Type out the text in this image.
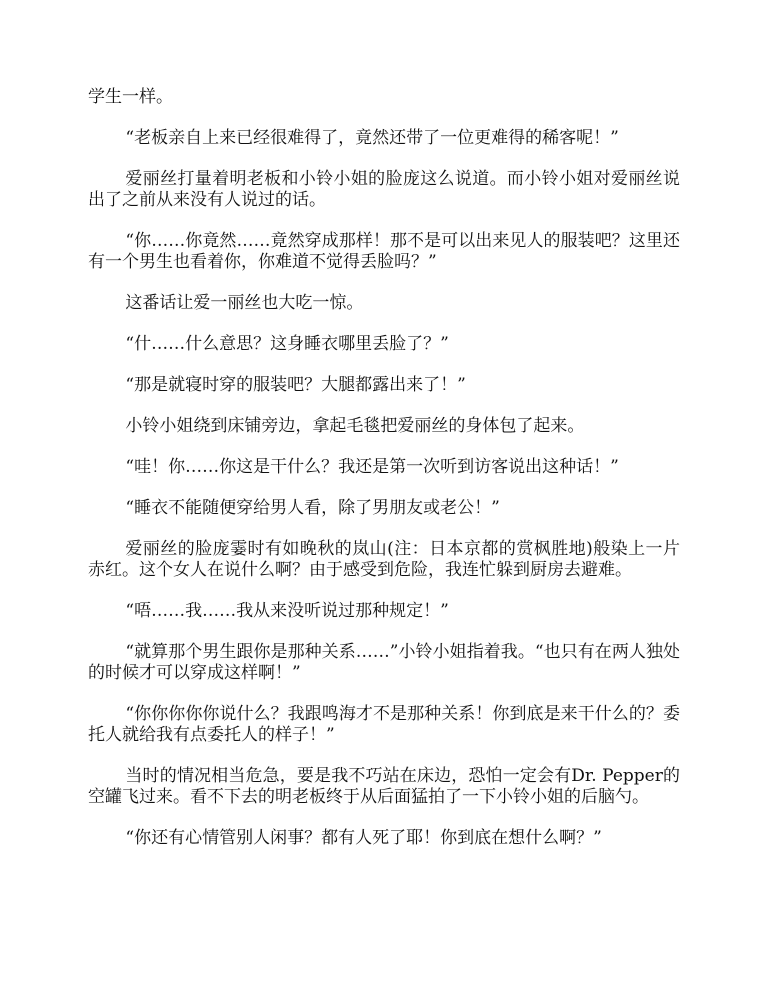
学生一样。

“老板亲自上来已经很难得了，竟然还带了一位更难得的稀客呢！”

爱丽丝打量着明老板和小铃小姐的脸庞这么说道。而小铃小姐对爱丽丝说出了之前从来没有人说过的话。

“你……你竟然……竟然穿成那样！那不是可以出来见人的服装吧？这里还有一个男生也看着你，你难道不觉得丢脸吗？”

这番话让爱一丽丝也大吃一惊。

“什……什么意思？这身睡衣哪里丢脸了？”

“那是就寝时穿的服装吧？大腿都露出来了！”

小铃小姐绕到床铺旁边，拿起毛毯把爱丽丝的身体包了起来。

“哇！你……你这是干什么？我还是第一次听到访客说出这种话！”

“睡衣不能随便穿给男人看，除了男朋友或老公！”

爱丽丝的脸庞霎时有如晚秋的岚山(注：日本京都的赏枫胜地)般染上一片赤红。这个女人在说什么啊？由于感受到危险，我连忙躲到厨房去避难。

“唔……我……我从来没听说过那种规定！”

“就算那个男生跟你是那种关系……”小铃小姐指着我。“也只有在两人独处的时候才可以穿成这样啊！”

“你你你你你说什么？我跟鸣海才不是那种关系！你到底是来干什么的？委托人就给我有点委托人的样子！”

当时的情况相当危急，要是我不巧站在床边，恐怕一定会有Dr. Pepper的空罐飞过来。看不下去的明老板终于从后面猛拍了一下小铃小姐的后脑勺。

“你还有心情管别人闲事？都有人死了耶！你到底在想什么啊？”
